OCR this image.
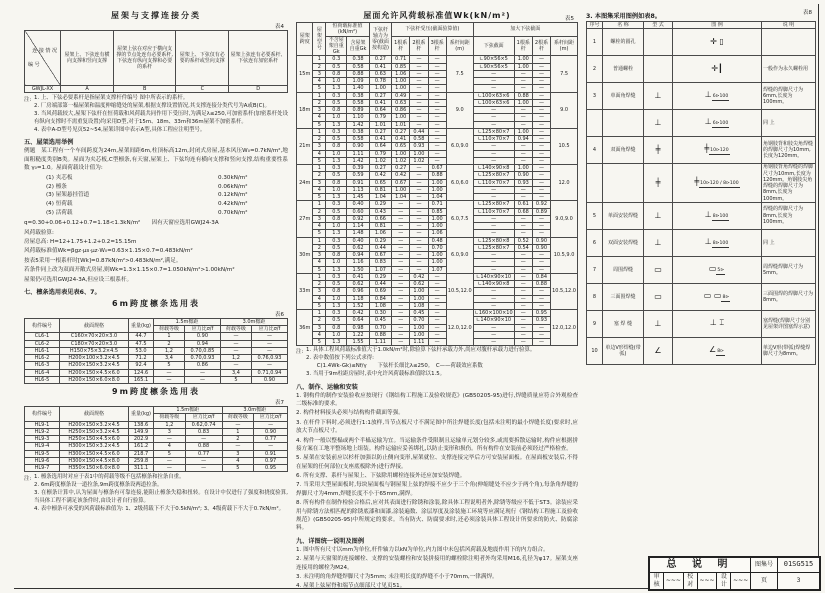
屋架与支撑连接分类
表4
连 接 情 况
编 号	屋架上、下弦连有横向支撑和竖向支撑	屋架上弦在对应于横向支撑的节点处连有必要系杆,下弦连有纵向支撑和必要的系杆	屋架上、下弦仅有必要的系杆或竖向支撑	屋架上弦连有必要系杆、下弦连有加密系杆
GWJL-XX	A	B	C	D
注: 1. 上、下弦必要系杆是指屋架支撑杆件编号 图中所表示的系杆。
2. 厂房端部第一榀屋架和温度伸缩缝处的屋架,根据支撑设置情况,其支撑连接分类代号为A或B(C)。
3. 当风荷载较大,屋架下弦杆在恒荷载和风荷载共同作用下受压时,为满足λ≤250,可加密系杆(加密系杆处设有纵向支撑时不需重复设置)均采用D型,对于15m、18m、33m和36m屋架不加密系杆。
4. 表中A-D型号见页52~54,屋架详图中表示A型,具体工程应注明型号。
五、屋架选用举例
例题　某工程有一个车间跨度为24m,屋架间距6m,柱顶标高12m,封闭式房屋,基本风压W₀=0.7kN/m²,地面粗糙度类别B类。屋面为夹芯板,C型檩条,有天窗,屋架上、下弦均连有横向支撑和竖向支撑,结构重要性系数 γ₀=1.0。屋面荷载设计值为:
(1) 夹芯板	0.30kN/m²
(2) 檩条	0.06kN/m²
(3) 屋架悬挂管道	0.12kN/m²
(4) 恒荷载	0.42kN/m²
(5) 活荷载	0.70kN/m²
q=0.30+0.06+0.12+0.7=1.18<1.3kN/m²　　因有天窗应选用GWJ24-3A
风荷载验算:
房屋总高: H=12+1.75+1.2+0.2=15.15m
风荷载标准值Wk=βgz·μs·μz·W₀=0.63×1.15×0.7=0.483kN/m²
按表5采用一根系杆时[Wk]=0.87kN/m²>0.483kN/m²,满足。
若条件同上改为双面开敞式房屋,则Wk=1.3×1.15×0.7=1.050kN/m²>1.00kN/m²
屋架仍可选用GWJ24-3A,但应设三根系杆。
七、檩条选用表见表6、7。
6m跨度檩条选用表
表6
构件编号	截面规格	重量(kg)	1.5m檩距		3.0m檩距	
			荷载等级	应力比σ/f	荷载等级	应力比σ/f
CL6-1	C160×70×20×3.0	44.7	1	0.90	—	—
CL6-2	C180×70×20×3.0	47.5	2	0.94	—	—
HL6-1	H150×75×3.2×4.5	53.0	1,2	0.70,0.85	—	—
HL6-2	H200×100×3.2×4.5	71.2	3,4	0.70,0.93	1,2	0.76,0.93
HL6-3	H200×150×3.2×4.5	92.4	5	0.86	—	—
HL6-4	H200×150×4.5×6.0	124.6	—	—	3,4	0.71,0.94
HL6-5	H200×150×6.0×8.0	165.1	—	—	5	0.90
9m跨度檩条选用表
表7
构件编号	截面规格	重量(kg)	1.5m檩距		3.0m檩距	
			荷载等级	应力比σ/f	荷载等级	应力比σ/f
HL9-1	H200×150×3.2×4.5	138.6	1,2	0.62,0.74	—	—
HL9-2	H250×150×3.2×4.5	149.9	3	0.83	1	0.90
HL9-3	H250×150×4.5×6.0	202.9	—	—	2	0.77
HL9-4	H300×150×3.2×4.5	161.2	4	0.88	—	—
HL9-5	H300×150×4.5×6.0	218.7	5	0.77	3	0.91
HL9-6	H300×150×4.5×8.0	259.8	—	—	4	0.97
HL9-7	H350×150×6.0×8.0	311.1	—	—	5	0.95
注: 1. 檩条选用时对应于表1中的荷载等级不包括檩条和拉条自重。
2. 6m跨度檩条设一道拉条,9m跨度檩条设两道拉条。
3. 在檩条计算中,认为屋面与檩条有可靠连接,能阻止檩条失稳和扭转。在设计中仅进行了强度和挠度验算,当具体工程不满足该条件时,由设计者自行验算。
4. 表中檩条可承受的风荷载标准值为: 1、2级荷载下不大于0.5kN/m²; 3、4级荷载下不大于0.7kN/m²。
屋面允许风荷载标准值Wk(kN/m²)	表5
屋架跨度	屋架型号	恒荷载标准值(kN/m²)		下弦杆轴力为零(截面按构造)	下弦杆受压(截面验算值)				加大下弦截面			
		不含屋架自重Gk	含屋架自重Gk		1根系杆	2根系杆	3根系杆	系杆间距(m)	下弦截面	1根系杆	2根系杆	系杆间距(m)
15m	1	0.3	0.38	0.27	0.71	—	—	7.5	∟90×56×5	1.00	—	7.5
	2	0.5	0.58	0.41	0.85	—	—		∟90×56×5	1.00	—	
	3	0.8	0.88	0.63	1.06	—	—		—	—	—	
	4	1.0	1.09	0.78	1.00	—	—		—	—	—	
	5	1.3	1.40	1.00	1.00	—	—		—	—	—	
18m	1	0.3	0.38	0.27	0.49	—	—	9.0	∟100×63×6	0.88	—	9.0
	2	0.5	0.58	0.41	0.63	—	—		∟100×63×6	1.00	—	
	3	0.8	0.89	0.64	0.86	—	—		—	—	—	
	4	1.0	1.10	0.79	1.00	—	—		—	—	—	
	5	1.3	1.42	1.01	1.01	—	—		—	—	—	
21m	1	0.3	0.38	0.27	0.27	0.44	—	6.0,9.0	∟125×80×7	1.00	—	10.5
	2	0.5	0.58	0.41	0.41	0.58	—		∟110×70×7	0.94	—	
	3	0.8	0.90	0.64	0.65	0.93	—		—	—	—	
	4	1.0	1.11	0.79	1.00	1.00	—		—	—	—	
	5	1.3	1.42	1.02	1.02	1.02	—		—	—	—	
24m	1	0.3	0.39	0.27	0.27	—	0.67	6.0,6.0	∟140×90×8	1.00	—	12.0
	2	0.5	0.59	0.42	0.42	—	0.88		∟125×80×7	0.90	—	
	3	0.8	0.91	0.65	0.67	—	1.00		∟110×70×7	0.93	—	
	4	1.0	1.13	0.81	1.00	—	1.00		—	—	—	
	5	1.3	1.45	1.04	1.04	—	1.04		—	—	—	
27m	1	0.3	0.40	0.29	—	—	0.71	6.0,7.5	∟125×80×7	0.61	0.92	9.0,9.0
	2	0.5	0.60	0.43	—	—	0.85		∟110×70×7	0.68	0.89	
	3	0.8	0.92	0.66	—	—	1.00		—	—	—	
	4	1.0	1.14	0.81	—	—	1.00		—	—	—	
	5	1.3	1.48	1.06	—	—	1.06		—	—	—	
30m	1	0.3	0.40	0.29	—	—	0.48	6.0,9.0	∟125×80×8	0.52	0.90	10.5,9.0
	2	0.5	0.62	0.44	—	—	0.70		∟125×80×7	0.54	0.90	
	3	0.8	0.94	0.67	—	—	1.00		—	—	—	
	4	1.0	1.16	0.83	—	—	1.00		—	—	—	
	5	1.3	1.50	1.07	—	—	1.07		—	—	—	
33m	1	0.3	0.41	0.29	—	0.42	—	10.5,12.0	∟140×90×10	—	0.84	10.5,12.0
	2	0.5	0.62	0.44	—	0.62	—		∟140×90×8	—	0.88	
	3	0.8	0.96	0.69	—	1.00	—		—	—	—	
	4	1.0	1.18	0.84	—	1.00	—		—	—	—	
	5	1.3	1.52	1.08	—	1.08	—		—	—	—	
36m	1	0.3	0.42	0.30	—	0.45	—	12.0,12.0	∟160×100×10	—	0.95	12.0,12.0
	2	0.5	0.64	0.45	—	0.70	—		∟140×90×10	—	0.93	
	3	0.8	0.98	0.70	—	1.00	—		—	—	—	
	4	1.0	1.22	0.88	—	1.00	—		—	—	—	
	5	1.3	1.55	1.11	—	1.11	—		—	—	—	
注: 1. 具体工程风荷载标准值大于1.0kN/m²时,除验算下弦杆承载力外,尚应对腹杆承载力进行验算。
2. 表中数值按下列公式求得:
　　C(1.4Wk-Gk)≤Nf/γ　　下弦杆长细比λ≤250。　C——荷载效应系数
3. 当用于9m柱距房屋时,表中允许风荷载标准值除以1.5。
八、制作、运输和安装
1. 钢构件的制作安装验收应按现行《钢结构工程施工及验收规范》(GB50205-95)进行,焊缝质量应符合外观检查二级标准的要求。
2. 构件材料接头必须与结构构件截面等强。
3. 在杆件下料时,必须进行1:1放样,当节点板尺寸不满足图中所注焊缝长度(包括未注明的最小焊缝长度)要求时,应放大节点板尺寸。
4. 构件一般以整榀或两个半榀运输为宜。当运输条件受限制且运输单元划分较多,或需要拆散运输时,构件应根据拼接方案在工地平整场地上组装。构件运输应妥善绑扎,以防止变形和损伤。所有构件在安装前必须经过严格检查。
5. 屋架在安装前应以杉杆加强以防止侧向变形,屋架就位、支撑连接完毕后方可安装屋面板。在屋面板安装后,不得在屋架的任何部位(支座底板除外)进行焊接。
6. 所有支撑、系杆与屋架上、下弦除用螺栓连接外还应加安装焊缝。
7. 当采用大型屋面板时,每块屋面板与钢屋架上弦的焊接不应少于三个角(伸缩缝处不应少于两个角),每条角焊缝的焊脚尺寸为4mm,焊缝长度不小于65mm,满焊。
8. 所有构件在制作检验合格后,应对其表面进行除锈和涂装,除具体工程说明者外,除锈等级应不低于ST3。涂装应采用与除锈方法相匹配的除锈底漆和面漆,涂装遍数、涂层厚度及涂装施工环境等应满足现行《钢结构工程施工及验收规范》(GB50205-95)中所规定的要求。当有防火、防腐要求时,还必须涂装具体工程设计所要求的防火、防腐涂料。
九、详图统一说明及图例
1. 图中所有尺寸以mm为单位,杆件轴力以kN为单位,内力图中未包括风荷载及地震作用下的内力组合。
2. 屋架与天窗架的连接螺栓、支撑的安装螺栓和安装拼接用的螺栓除注明者外均采用M16,孔径为φ17。屋架支座连接用的螺栓为M24。
3. 未注明的角焊缝焊脚尺寸为5mm; 未注明长度的焊缝不小于70mm,一律满焊。
4. 屋架上弦屋脊和端节点细部尺寸见页51。
3. 本图集采用图例如表8。	表8
序号	名 称	型 式	图 例	说 明
1	螺栓的圆孔		✛ ▯	
2	普通螺栓		✛┃	一般作为永久螺栓用
3	单面角焊缝	⊥	⊥6⊳100	焊缝的焊脚尺寸为6mm,长度为100mm。
		⊥	⊥6⊳100	同 上
4	双面角焊缝	╪	╪10⊳120	角钢肢背和肢尖角焊缝的焊脚尺寸为10mm,长度为120mm。
		╪	╪10⊳120 / 8⊳100	角钢肢背角焊缝的焊脚尺寸为10mm,长度为120mm。角钢肢尖角焊缝的焊脚尺寸为8mm,长度为100mm。
5	单面安装焊缝	⊥	⊥8⊳100	焊缝的焊脚尺寸为8mm,长度为100mm。
6	双面安装焊缝	⊥	⊥8⊳100	同 上
7	周围焊缝	▭	▭5⊳	周焊缝焊脚尺寸为5mm。
8	三面围焊缝	▭	▭ ▭8⊳	三面围焊的焊脚尺寸为8mm。
9	塞 焊 缝	⊥	⊥ ⌶	塞焊缝(焊脚尺寸分别见屋架详图塞焊示意)
10	单边V形焊缝(带弧)	∠	∠8⊳	单边V形(带弧)焊缝焊脚尺寸为8mm。
总 说 明						图集号	01SG515
审核	~~~	校对	~~~	设计	~~~	页	3
